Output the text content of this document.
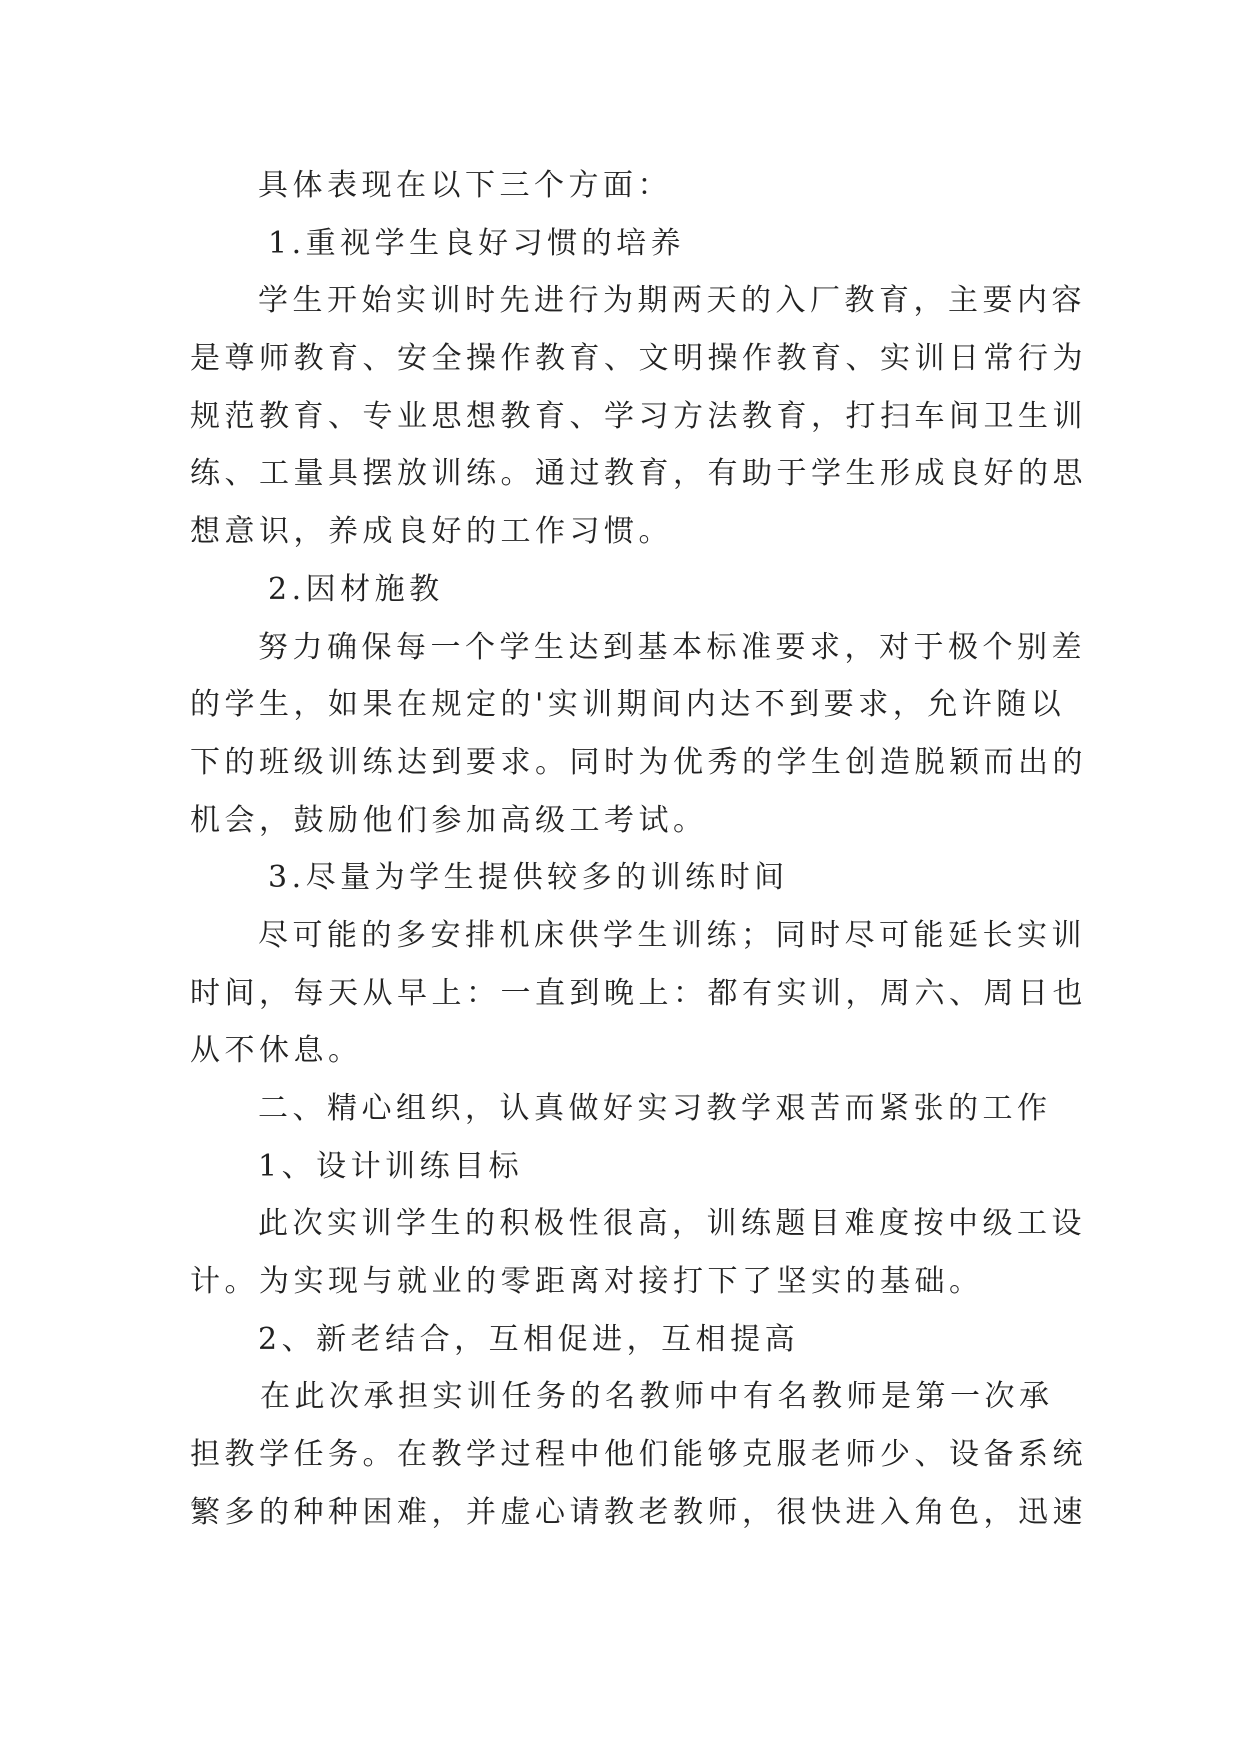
具体表现在以下三个方面：

1.重视学生良好习惯的培养

学生开始实训时先进行为期两天的入厂教育，主要内容

是尊师教育、安全操作教育、文明操作教育、实训日常行为

规范教育、专业思想教育、学习方法教育，打扫车间卫生训

练、工量具摆放训练。通过教育，有助于学生形成良好的思

想意识，养成良好的工作习惯。

2.因材施教

努力确保每一个学生达到基本标准要求，对于极个别差

的学生，如果在规定的'实训期间内达不到要求，允许随以

下的班级训练达到要求。同时为优秀的学生创造脱颖而出的

机会，鼓励他们参加高级工考试。

3.尽量为学生提供较多的训练时间

尽可能的多安排机床供学生训练；同时尽可能延长实训

时间，每天从早上：一直到晚上：都有实训，周六、周日也

从不休息。

二、精心组织，认真做好实习教学艰苦而紧张的工作

1、设计训练目标

此次实训学生的积极性很高，训练题目难度按中级工设

计。为实现与就业的零距离对接打下了坚实的基础。

2、新老结合，互相促进，互相提高

在此次承担实训任务的名教师中有名教师是第一次承

担教学任务。在教学过程中他们能够克服老师少、设备系统

繁多的种种困难，并虚心请教老教师，很快进入角色，迅速
